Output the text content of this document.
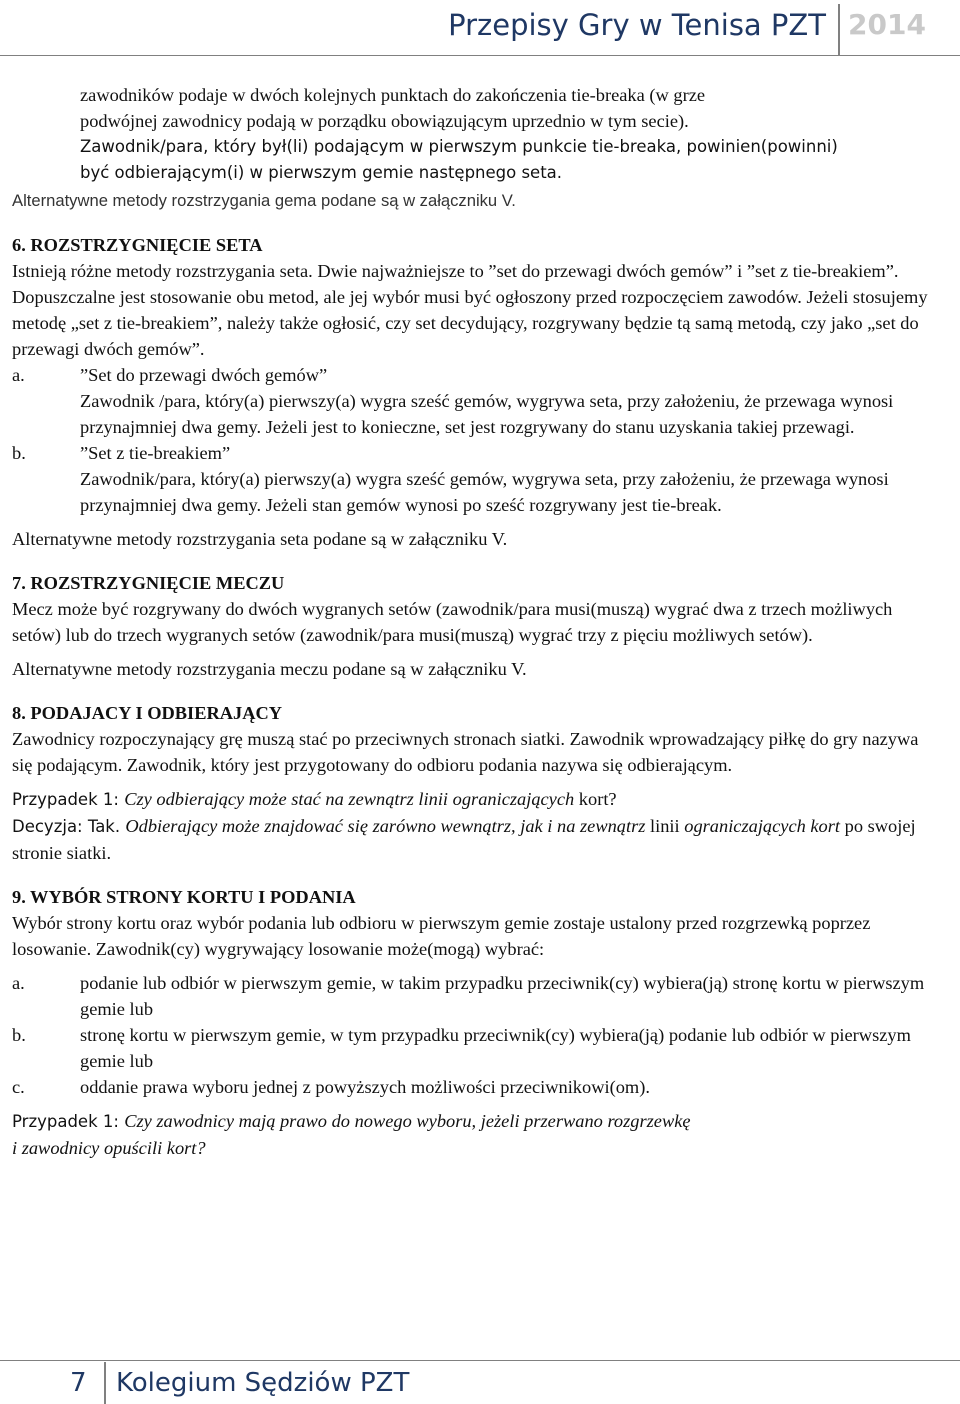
Przepisy Gry w Tenisa PZT 2014

zawodników podaje w dwóch kolejnych punktach do zakończenia tie-breaka (w grze

podwójnej zawodnicy podają w porządku obowiązującym uprzednio w tym secie).

Zawodnik/para, który był(li) podającym w pierwszym punkcie tie-breaka, powinien(powinni)

być odbierającym(i) w pierwszym gemie następnego seta.

Alternatywne metody rozstrzygania gema podane są w załączniku V.

6. ROZSTRZYGNIĘCIE SETA

Istnieją różne metody rozstrzygania seta. Dwie najważniejsze to ”set do przewagi dwóch gemów” i ”set z tie-breakiem”. Dopuszczalne jest stosowanie obu metod, ale jej wybór musi być ogłoszony przed rozpoczęciem zawodów. Jeżeli stosujemy metodę „set z tie-breakiem”, należy także ogłosić, czy set decydujący, rozgrywany będzie tą samą metodą, czy jako „set do przewagi dwóch gemów”.

a.	”Set do przewagi dwóch gemów”

Zawodnik /para, który(a) pierwszy(a) wygra sześć gemów, wygrywa seta, przy założeniu, że przewaga wynosi przynajmniej dwa gemy. Jeżeli jest to konieczne, set jest rozgrywany do stanu uzyskania takiej przewagi.

b.	”Set z tie-breakiem”

Zawodnik/para, który(a) pierwszy(a) wygra sześć gemów, wygrywa seta, przy założeniu, że przewaga wynosi przynajmniej dwa gemy. Jeżeli stan gemów wynosi po sześć rozgrywany jest tie-break.

Alternatywne metody rozstrzygania seta podane są w załączniku V.

7. ROZSTRZYGNIĘCIE MECZU

Mecz może być rozgrywany do dwóch wygranych setów (zawodnik/para musi(muszą) wygrać dwa z trzech możliwych setów) lub do trzech wygranych setów (zawodnik/para musi(muszą) wygrać trzy z pięciu możliwych setów).

Alternatywne metody rozstrzygania meczu podane są w załączniku V.

8. PODAJACY I ODBIERAJĄCY

Zawodnicy rozpoczynający grę muszą stać po przeciwnych stronach siatki. Zawodnik wprowadzający piłkę do gry nazywa się podającym. Zawodnik, który jest przygotowany do odbioru podania nazywa się odbierającym.

Przypadek 1: Czy odbierający może stać na zewnątrz linii ograniczających kort?

Decyzja: Tak. Odbierający może znajdować się zarówno wewnątrz, jak i na zewnątrz linii ograniczających kort po swojej stronie siatki.

9. WYBÓR STRONY KORTU I PODANIA

Wybór strony kortu oraz wybór podania lub odbioru w pierwszym gemie zostaje ustalony przed rozgrzewką poprzez losowanie. Zawodnik(cy) wygrywający losowanie może(mogą) wybrać:

a.	podanie lub odbiór w pierwszym gemie, w takim przypadku przeciwnik(cy) wybiera(ją) stronę kortu w pierwszym gemie lub
b.	stronę kortu w pierwszym gemie, w tym przypadku przeciwnik(cy) wybiera(ją) podanie lub odbiór w pierwszym gemie lub
c.	oddanie prawa wyboru jednej z powyższych możliwości przeciwnikowi(om).

Przypadek 1: Czy zawodnicy mają prawo do nowego wyboru, jeżeli przerwano rozgrzewkę
i zawodnicy opuścili kort?

7 Kolegium Sędziów PZT
